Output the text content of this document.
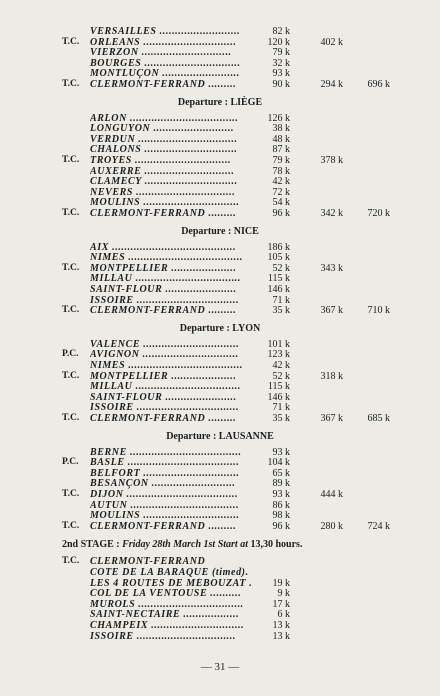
VERSAILLES ..........................	82 k
T.C. ORLEANS ..............................	120 k	402 k
VIERZON .............................	79 k
BOURGES ...............................	32 k
MONTLUÇON .........................	93 k
T.C. CLERMONT-FERRAND .........	90 k	294 k 696 k
Departure : LIÈGE
ARLON ...................................	126 k
LONGUYON ..........................	38 k
VERDUN ................................	48 k
CHALONS ..............................	87 k
T.C. TROYES ...............................	79 k	378 k
AUXERRE .............................	78 k
CLAMECY ..............................	42 k
NEVERS ................................	72 k
MOULINS ...............................	54 k
T.C. CLERMONT-FERRAND .........	96 k	342 k 720 k
Departure : NICE
AIX ........................................	186 k
NIMES .....................................	105 k
T.C. MONTPELLIER .....................	52 k	343 k
MILLAU ..................................	115 k
SAINT-FLOUR .......................	146 k
ISSOIRE .................................	71 k
T.C. CLERMONT-FERRAND .........	35 k	367 k 710 k
Departure : LYON
VALENCE ...............................	101 k
P.C. AVIGNON ...............................	123 k
NIMES .....................................	42 k
T.C. MONTPELLIER .....................	52 k	318 k
MILLAU ..................................	115 k
SAINT-FLOUR .......................	146 k
ISSOIRE .................................	71 k
T.C. CLERMONT-FERRAND .........	35 k	367 k 685 k
Departure : LAUSANNE
BERNE ....................................	93 k
P.C. BASLE ....................................	104 k
BELFORT ...............................	65 k
BESANÇON ...........................	89 k
T.C. DIJON ....................................	93 k	444 k
AUTUN ...................................	86 k
MOULINS ...............................	98 k
T.C. CLERMONT-FERRAND .........	96 k	280 k 724 k
2nd STAGE : Friday 28th March 1st Start at 13,30 hours.
T.C. CLERMONT-FERRAND
COTE DE LA BARAQUE (timed).
LES 4 ROUTES DE MÉBOUZAT .	19 k
COL DE LA VENTOUSE ..........	9 k
MUROLS ..................................	17 k
SAINT-NECTAIRE ..................	6 k
CHAMPEIX ..............................	13 k
ISSOIRE ................................	13 k
— 31 —
